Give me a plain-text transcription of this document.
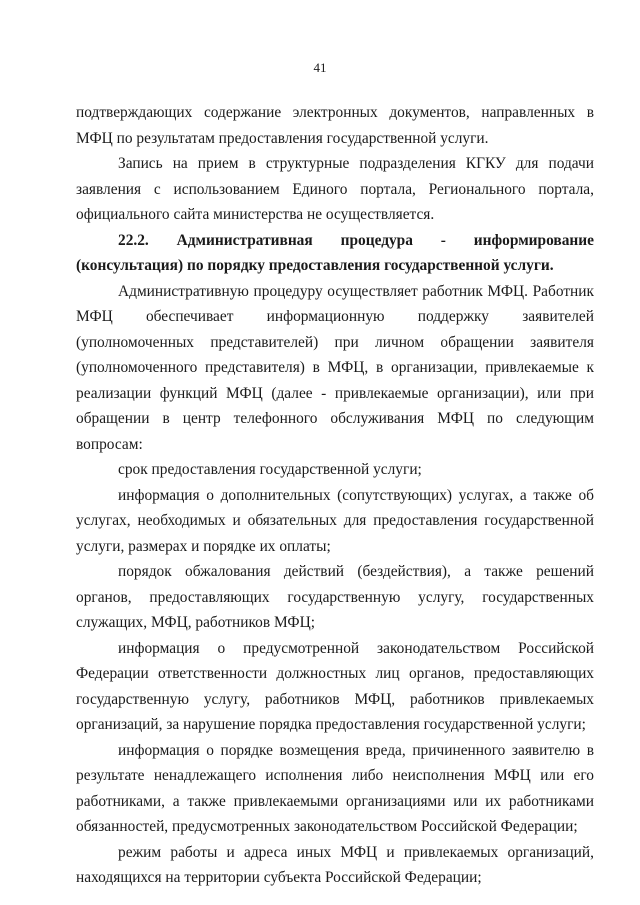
41

подтверждающих содержание электронных документов, направленных в МФЦ по результатам предоставления государственной услуги.

Запись на прием в структурные подразделения КГКУ для подачи заявления с использованием Единого портала, Регионального портала, официального сайта министерства не осуществляется.

22.2. Административная процедура - информирование (консультация) по порядку предоставления государственной услуги.

Административную процедуру осуществляет работник МФЦ. Работник МФЦ обеспечивает информационную поддержку заявителей (уполномоченных представителей) при личном обращении заявителя (уполномоченного представителя) в МФЦ, в организации, привлекаемые к реализации функций МФЦ (далее - привлекаемые организации), или при обращении в центр телефонного обслуживания МФЦ по следующим вопросам:

срок предоставления государственной услуги;

информация о дополнительных (сопутствующих) услугах, а также об услугах, необходимых и обязательных для предоставления государственной услуги, размерах и порядке их оплаты;

порядок обжалования действий (бездействия), а также решений органов, предоставляющих государственную услугу, государственных служащих, МФЦ, работников МФЦ;

информация о предусмотренной законодательством Российской Федерации ответственности должностных лиц органов, предоставляющих государственную услугу, работников МФЦ, работников привлекаемых организаций, за нарушение порядка предоставления государственной услуги;

информация о порядке возмещения вреда, причиненного заявителю в результате ненадлежащего исполнения либо неисполнения МФЦ или его работниками, а также привлекаемыми организациями или их работниками обязанностей, предусмотренных законодательством Российской Федерации;

режим работы и адреса иных МФЦ и привлекаемых организаций, находящихся на территории субъекта Российской Федерации;
